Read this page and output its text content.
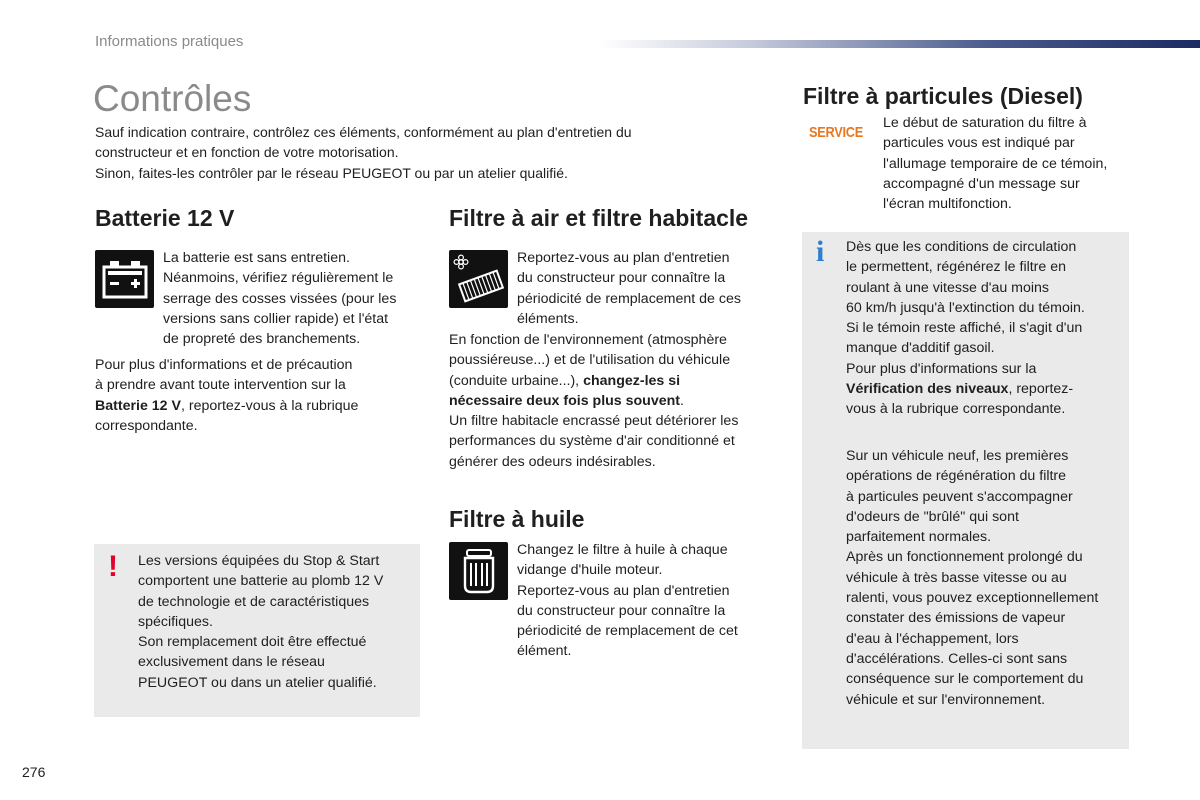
Informations pratiques
Contrôles

Sauf indication contraire, contrôlez ces éléments, conformément au plan d'entretien du

constructeur et en fonction de votre motorisation.

Sinon, faites-les contrôler par le réseau PEUGEOT ou par un atelier qualifié.

Batterie 12 V

La batterie est sans entretien.

Néanmoins, vérifiez régulièrement le

serrage des cosses vissées (pour les

versions sans collier rapide) et l'état

de propreté des branchements.

Pour plus d'informations et de précaution

à prendre avant toute intervention sur la

Batterie 12 V, reportez-vous à la rubrique

correspondante.

! Les versions équipées du Stop & Start

comportent une batterie au plomb 12 V

de technologie et de caractéristiques

spécifiques.

Son remplacement doit être effectué

exclusivement dans le réseau

PEUGEOT ou dans un atelier qualifié.

Filtre à air et filtre habitacle

Reportez-vous au plan d'entretien

du constructeur pour connaître la

périodicité de remplacement de ces

éléments.

En fonction de l'environnement (atmosphère

poussiéreuse...) et de l'utilisation du véhicule

(conduite urbaine...), changez-les si

nécessaire deux fois plus souvent.

Un filtre habitacle encrassé peut détériorer les

performances du système d'air conditionné et

générer des odeurs indésirables.

Filtre à huile

Changez le filtre à huile à chaque

vidange d'huile moteur.

Reportez-vous au plan d'entretien

du constructeur pour connaître la

périodicité de remplacement de cet

élément.

Filtre à particules (Diesel)
SERVICE

Le début de saturation du filtre à

particules vous est indiqué par

l'allumage temporaire de ce témoin,

accompagné d'un message sur

l'écran multifonction.

i Dès que les conditions de circulation

le permettent, régénérez le filtre en

roulant à une vitesse d'au moins

60 km/h jusqu'à l'extinction du témoin.

Si le témoin reste affiché, il s'agit d'un

manque d'additif gasoil.

Pour plus d'informations sur la

Vérification des niveaux, reportez-

vous à la rubrique correspondante.

Sur un véhicule neuf, les premières

opérations de régénération du filtre

à particules peuvent s'accompagner

d'odeurs de "brûlé" qui sont

parfaitement normales.

Après un fonctionnement prolongé du

véhicule à très basse vitesse ou au

ralenti, vous pouvez exceptionnellement

constater des émissions de vapeur

d'eau à l'échappement, lors

d'accélérations. Celles-ci sont sans

conséquence sur le comportement du

véhicule et sur l'environnement.

276
